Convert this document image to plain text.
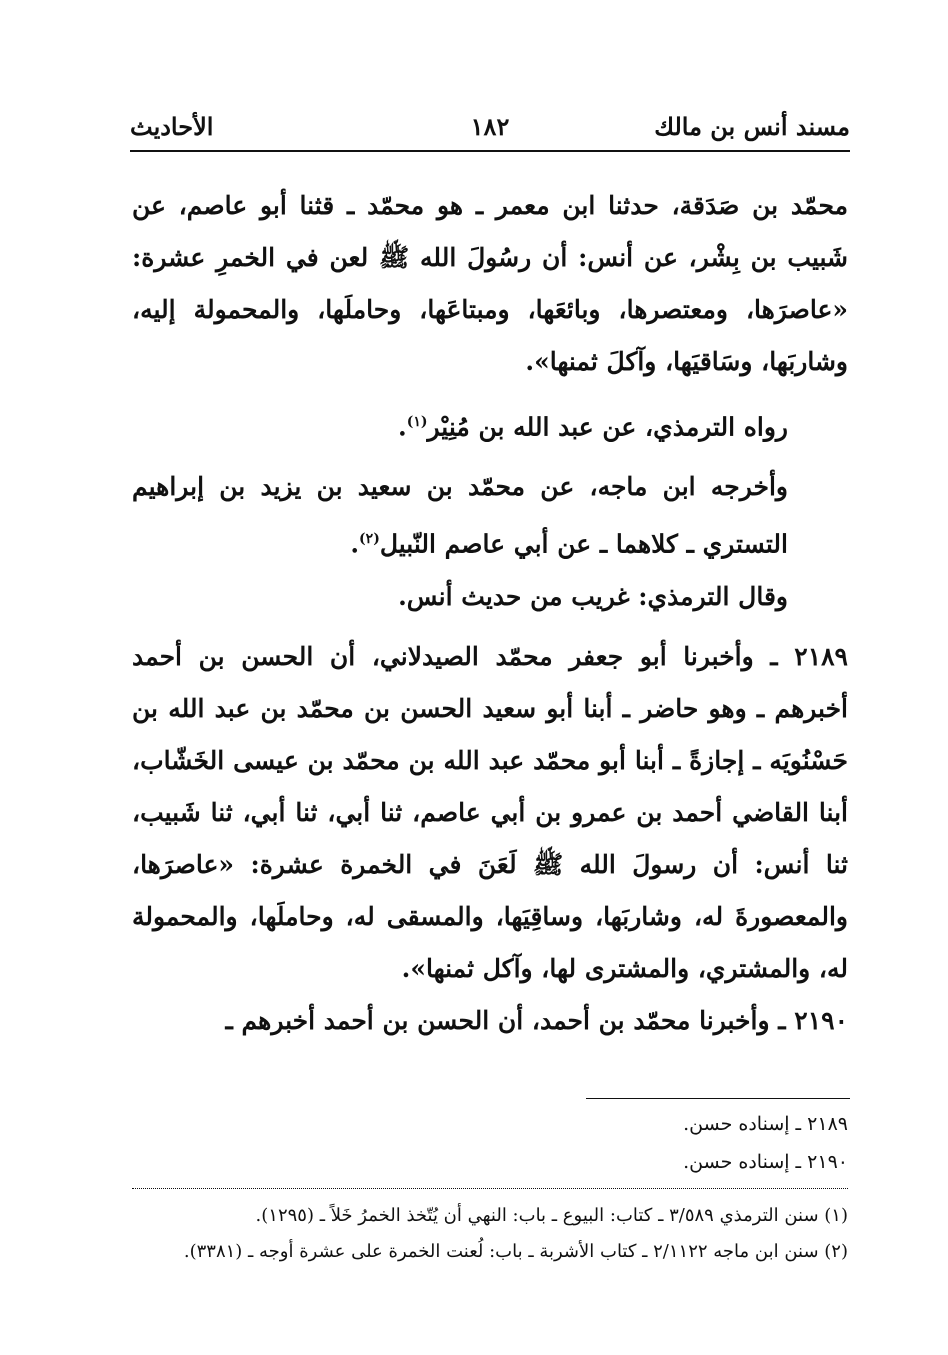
مسند أنس بن مالك
١٨٢
الأحاديث

محمّد بن صَدَقة، حدثنا ابن معمر ـ هو محمّد ـ قثنا أبو عاصم، عن شَبيب بن بِشْر، عن أنس: أن رسُولَ الله ﷺ لعن في الخمرِ عشرة: «عاصرَها، ومعتصرها، وبائعَها، ومبتاعَها، وحاملَها، والمحمولة إليه، وشاربَها، وسَاقيَها، وآكلَ ثمنها».

رواه الترمذي، عن عبد الله بن مُنِيْر$^{(١)}$.

وأخرجه ابن ماجه، عن محمّد بن سعيد بن يزيد بن إبراهيم التستري ـ كلاهما ـ عن أبي عاصم النّبيل$^{(٢)}$.

وقال الترمذي: غريب من حديث أنس.

٢١٨٩ ـ وأخبرنا أبو جعفر محمّد الصيدلاني، أن الحسن بن أحمد أخبرهم ـ وهو حاضر ـ أبنا أبو سعيد الحسن بن محمّد بن عبد الله بن حَسْنُويَه ـ إجازةً ـ أبنا أبو محمّد عبد الله بن محمّد بن عيسى الخَشّاب، أبنا القاضي أحمد بن عمرو بن أبي عاصم، ثنا أبي، ثنا أبي، ثنا شَبيب، ثنا أنس: أن رسولَ الله ﷺ لَعَنَ في الخمرة عشرة: «عاصرَها، والمعصورةَ له، وشاربَها، وساقِيَها، والمسقى له، وحاملَها، والمحمولة له، والمشتري، والمشترى لها، وآكل ثمنها».

٢١٩٠ ـ وأخبرنا محمّد بن أحمد، أن الحسن بن أحمد أخبرهم ـ

٢١٨٩ ـ إسناده حسن.

٢١٩٠ ـ إسناده حسن.

(١) سنن الترمذي ٣/٥٨٩ ـ كتاب: البيوع ـ باب: النهي أن يُتّخذ الخمرُ خَلاً ـ (١٢٩٥).

(٢) سنن ابن ماجه ٢/١١٢٢ ـ كتاب الأشربة ـ باب: لُعنت الخمرة على عشرة أوجه ـ (٣٣٨١).
